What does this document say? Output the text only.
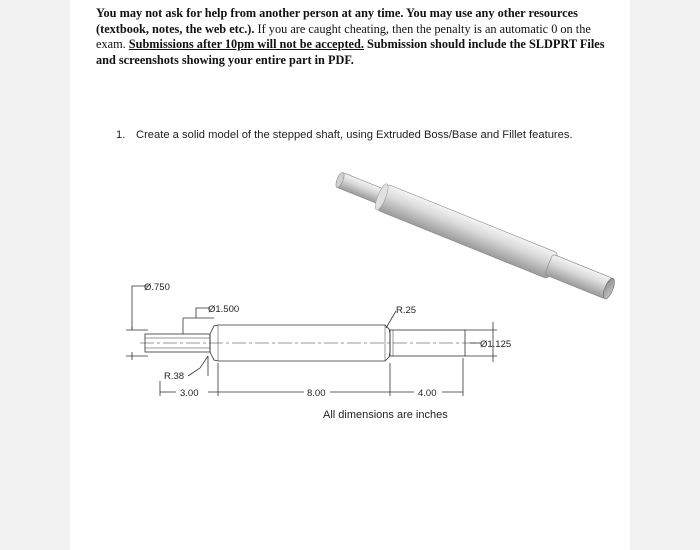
You may not ask for help from another person at any time. You may use any other resources (textbook, notes, the web etc.). If you are caught cheating, then the penalty is an automatic 0 on the exam. Submissions after 10pm will not be accepted. Submission should include the SLDPRT Files and screenshots showing your entire part in PDF.
1. Create a solid model of the stepped shaft, using Extruded Boss/Base and Fillet features.
Ø.750
Ø1.500	R.25
Ø1.125
R.38
3.00	8.00	4.00
All dimensions are inches
